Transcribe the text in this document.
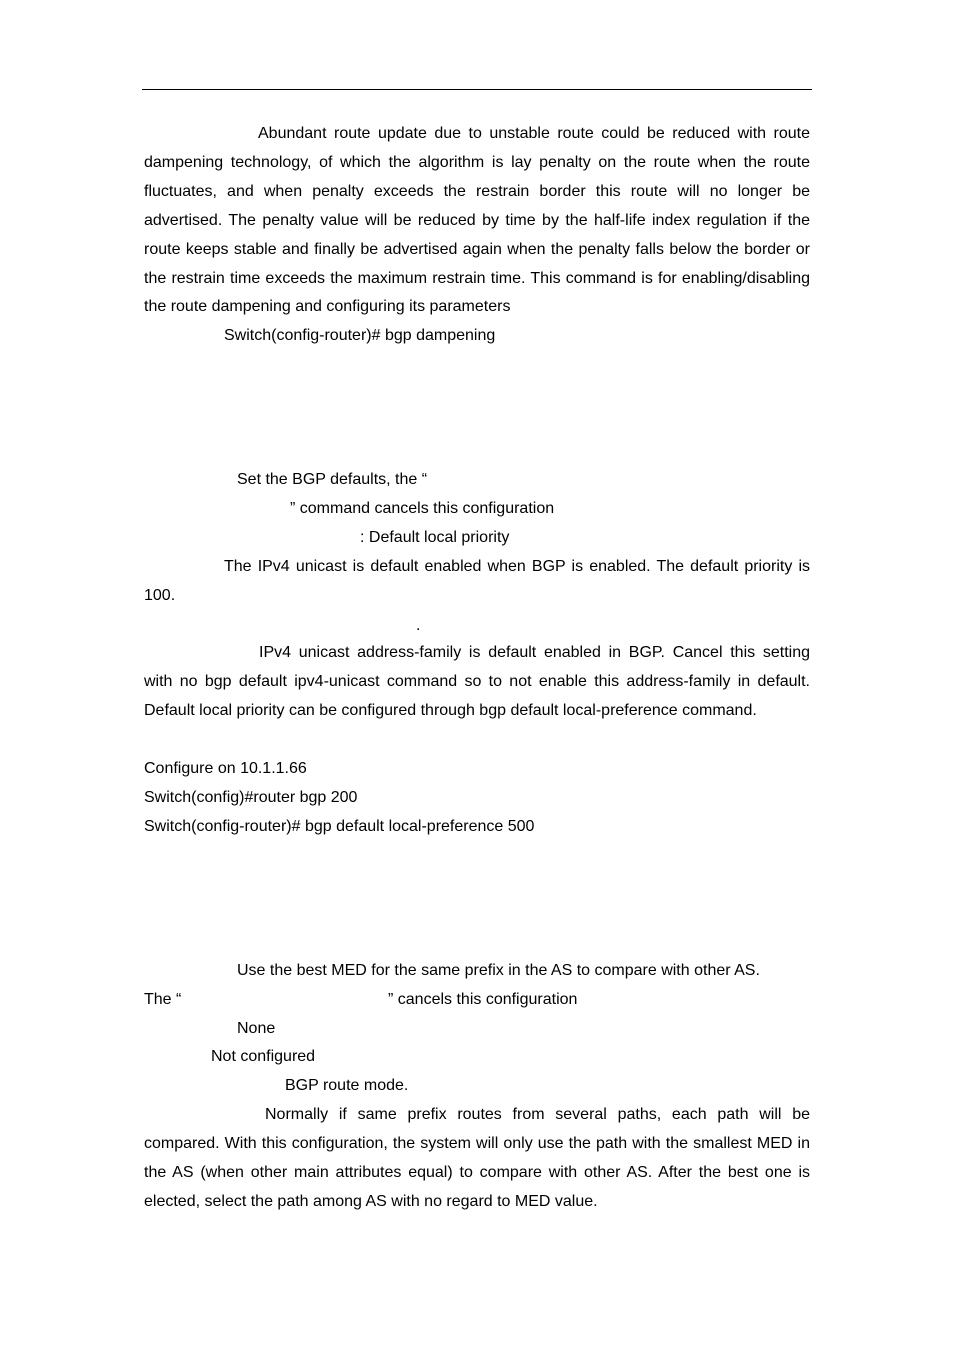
Abundant route update due to unstable route could be reduced with route dampening technology, of which the algorithm is lay penalty on the route when the route fluctuates, and when penalty exceeds the restrain border this route will no longer be advertised. The penalty value will be reduced by time by the half-life index regulation if the route keeps stable and finally be advertised again when the penalty falls below the border or the restrain time exceeds the maximum restrain time. This command is for enabling/disabling the route dampening and configuring its parameters

Switch(config-router)# bgp dampening
Set the BGP defaults, the “
” command cancels this configuration
: Default local priority

The IPv4 unicast is default enabled when BGP is enabled. The default priority is 100.

.

IPv4 unicast address-family is default enabled in BGP. Cancel this setting with no bgp default ipv4-unicast command so to not enable this address-family in default. Default local priority can be configured through bgp default local-preference command.

Configure on 10.1.1.66
Switch(config)#router bgp 200
Switch(config-router)# bgp default local-preference 500
Use the best MED for the same prefix in the AS to compare with other AS.
The “	” cancels this configuration
None
Not configured
BGP route mode.

Normally if same prefix routes from several paths, each path will be compared. With this configuration, the system will only use the path with the smallest MED in the AS (when other main attributes equal) to compare with other AS. After the best one is elected, select the path among AS with no regard to MED value.
